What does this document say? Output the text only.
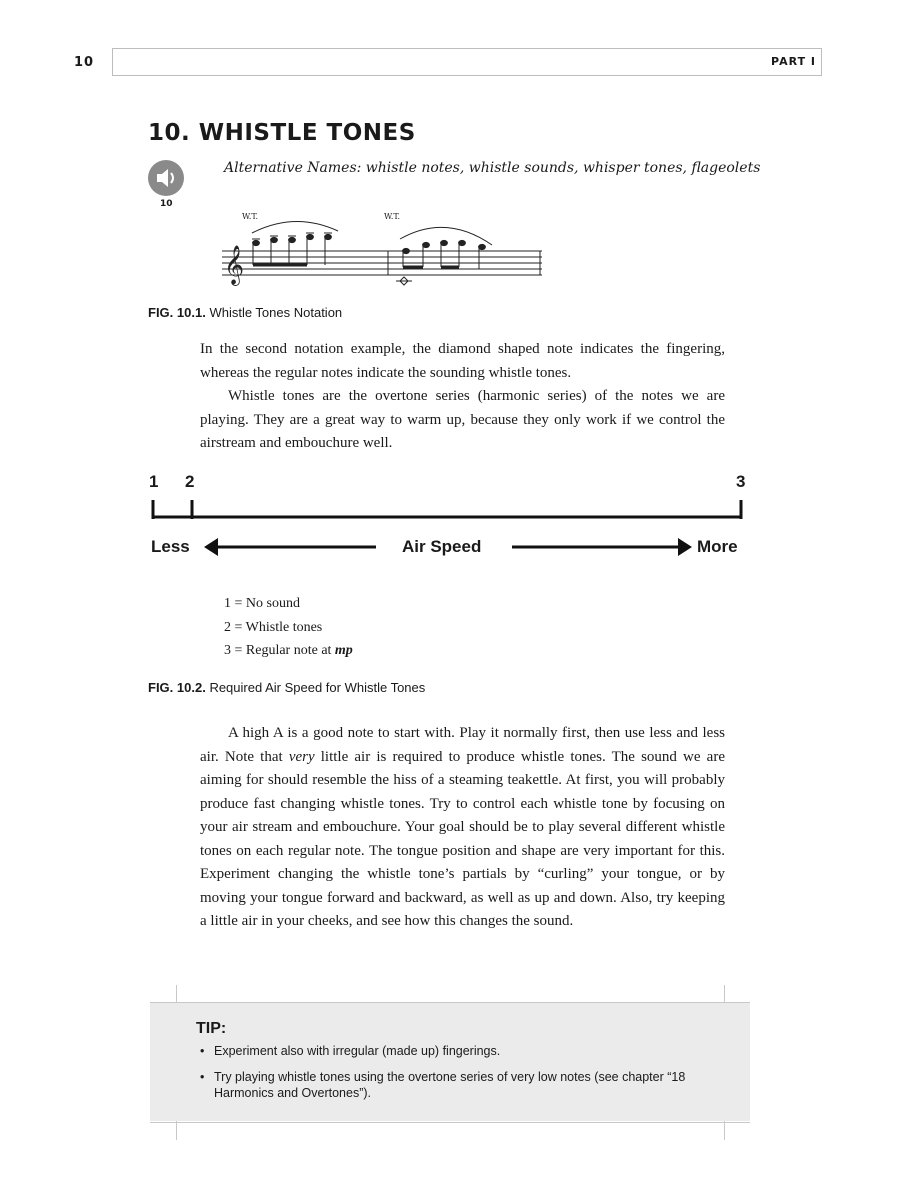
10	PART I
10. WHISTLE TONES
10
Alternative Names: whistle notes, whistle sounds, whisper tones, flageolets
𝄞
W.T.	W.T.
FIG. 10.1. Whistle Tones Notation

In the second notation example, the diamond shaped note indicates the fingering, whereas the regular notes indicate the sounding whistle tones.

Whistle tones are the overtone series (harmonic series) of the notes we are playing. They are a great way to warm up, because they only work if we control the airstream and embouchure well.

1 2	3
Less	Air Speed	More
1 = No sound
2 = Whistle tones
3 = Regular note at mp
FIG. 10.2. Required Air Speed for Whistle Tones

A high A is a good note to start with. Play it normally first, then use less and less air. Note that very little air is required to produce whistle tones. The sound we are aiming for should resemble the hiss of a steaming teakettle. At first, you will probably produce fast changing whistle tones. Try to control each whistle tone by focusing on your air stream and embouchure. Your goal should be to play several different whistle tones on each regular note. The tongue position and shape are very important for this. Experiment changing the whistle tone’s partials by “curling” your tongue, or by moving your tongue forward and backward, as well as up and down. Also, try keeping a little air in your cheeks, and see how this changes the sound.

TIP:
• Experiment also with irregular (made up) fingerings.
• Try playing whistle tones using the overtone series of very low notes (see chapter “18 Harmonics and Overtones”).
